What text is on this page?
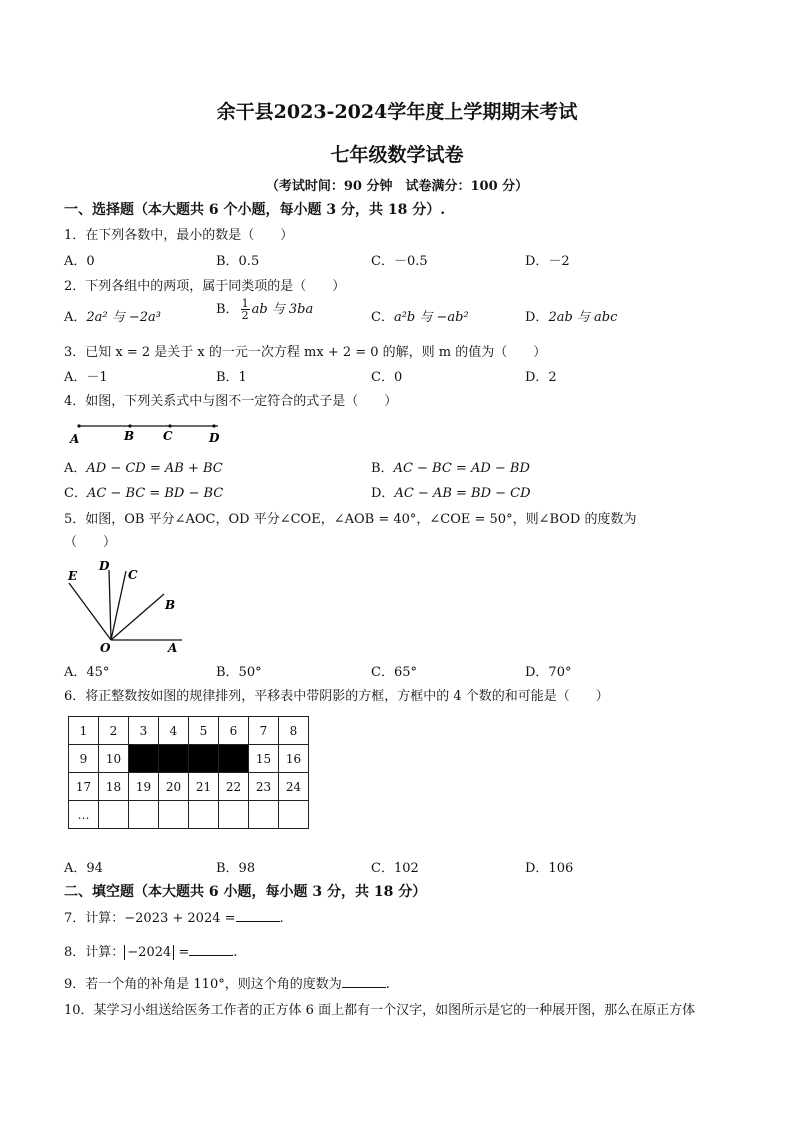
余干县2023-2024学年度上学期期末考试
七年级数学试卷
（考试时间：90 分钟　试卷满分：100 分）
一、选择题（本大题共 6 个小题，每小题 3 分，共 18 分）.
1．在下列各数中，最小的数是（　　）
A．0	B．0.5	C．－0.5	D．－2
2．下列各组中的两项，属于同类项的是（　　）
A．2a² 与 −2a³
B． $\frac{1}{2}$ ab 与 3ba
C．a²b 与 −ab²	D．2ab 与 abc
3．已知 x = 2 是关于 x 的一元一次方程 mx + 2 = 0 的解，则 m 的值为（　　）
A．－1	B．1	C．0	D．2
4．如图，下列关系式中与图不一定符合的式子是（　　）
A	B C	D
A．AD − CD = AB + BC	B．AC − BC = AD − BD
C．AC − BC = BD − BC	D．AC − AB = BD − CD
5．如图，OB 平分∠AOC，OD 平分∠COE，∠AOB = 40°，∠COE = 50°，则∠BOD 的度数为
（　　）
E
D
C
B
O	A
A．45°	B．50°	C．65°	D．70°
6．将正整数按如图的规律排列，平移表中带阴影的方框，方框中的 4 个数的和可能是（　　）
1	2	3	4	5	6	7	8
9	10					15	16
17	18	19	20	21	22	23	24
…							
A．94	B．98	C．102	D．106
二、填空题（本大题共 6 小题，每小题 3 分，共 18 分）
7．计算：−2023 + 2024 =	.
8．计算： −2024 =	.
9．若一个角的补角是 110°，则这个角的度数为	.
10．某学习小组送给医务工作者的正方体 6 面上都有一个汉字，如图所示是它的一种展开图，那么在原正方体
